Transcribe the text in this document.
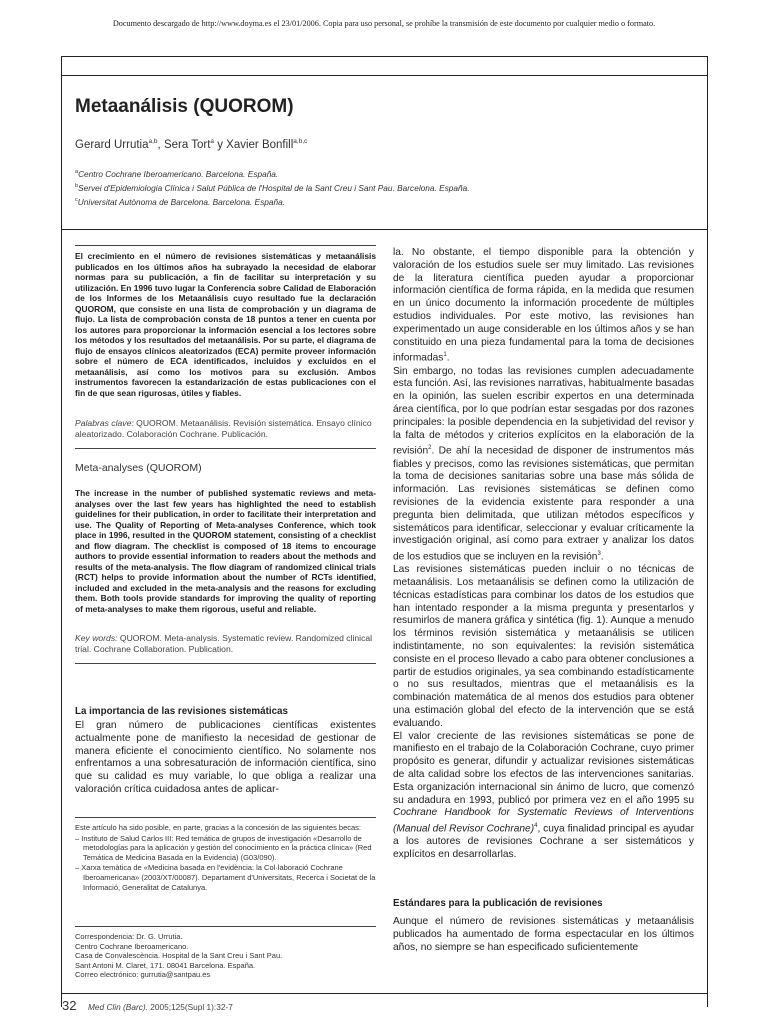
Documento descargado de http://www.doyma.es el 23/01/2006. Copia para uso personal, se prohíbe la transmisión de este documento por cualquier medio o formato.
Metaanálisis (QUOROM)
Gerard Urrutia$^{a,b}$, Sera Tort$^a$ y Xavier Bonfill$^{a,b,c}$
$^a$Centro Cochrane Iberoamericano. Barcelona. España.
$^b$Servei d'Epidemiologia Clínica i Salut Pública de l'Hospital de la Sant Creu i Sant Pau. Barcelona. España.
$^c$Universitat Autònoma de Barcelona. Barcelona. España.

El crecimiento en el número de revisiones sistemáticas y metaanálisis publicados en los últimos años ha subrayado la necesidad de elaborar normas para su publicación, a fin de facilitar su interpretación y su utilización. En 1996 tuvo lugar la Conferencia sobre Calidad de Elaboración de los Informes de los Metaanálisis cuyo resultado fue la declaración QUOROM, que consiste en una lista de comprobación y un diagrama de flujo. La lista de comprobación consta de 18 puntos a tener en cuenta por los autores para proporcionar la información esencial a los lectores sobre los métodos y los resultados del metaanálisis. Por su parte, el diagrama de flujo de ensayos clínicos aleatorizados (ECA) permite proveer información sobre el número de ECA identificados, incluidos y excluidos en el metaanálisis, así como los motivos para su exclusión. Ambos instrumentos favorecen la estandarización de estas publicaciones con el fin de que sean rigurosas, útiles y fiables.

Palabras clave: QUOROM. Metaanálisis. Revisión sistemática. Ensayo clínico aleatorizado. Colaboración Cochrane. Publicación.

Meta-analyses (QUOROM)

The increase in the number of published systematic reviews and meta-analyses over the last few years has highlighted the need to establish guidelines for their publication, in order to facilitate their interpretation and use. The Quality of Reporting of Meta-analyses Conference, which took place in 1996, resulted in the QUOROM statement, consisting of a checklist and flow diagram. The checklist is composed of 18 items to encourage authors to provide essential information to readers about the methods and results of the meta-analysis. The flow diagram of randomized clinical trials (RCT) helps to provide information about the number of RCTs identified, included and excluded in the meta-analysis and the reasons for excluding them. Both tools provide standards for improving the quality of reporting of meta-analyses to make them rigorous, useful and reliable.

Key words: QUOROM. Meta-analysis. Systematic review. Randomized clinical trial. Cochrane Collaboration. Publication.

La importancia de las revisiones sistemáticas

El gran número de publicaciones científicas existentes actualmente pone de manifiesto la necesidad de gestionar de manera eficiente el conocimiento científico. No solamente nos enfrentamos a una sobresaturación de información científica, sino que su calidad es muy variable, lo que obliga a realizar una valoración crítica cuidadosa antes de aplicar-

Este artículo ha sido posible, en parte, gracias a la concesión de las siguientes becas:

– Instituto de Salud Carlos III: Red temática de grupos de investigación «Desarrollo de metodologías para la aplicación y gestión del conocimiento en la práctica clínica» (Red Temática de Medicina Basada en la Evidencia) (G03/090).

– Xarxa temàtica de «Medicina basada en l'evidència: la Col·laboració Cochrane Iberoamericana» (2003/XT/00087). Departament d'Universitats, Recerca i Societat de la Informació, Generalitat de Catalunya.

Correspondencia: Dr. G. Urrutia.

Centro Cochrane Iberoamericano.

Casa de Convalescència. Hospital de la Sant Creu i Sant Pau.

Sant Antoni M. Claret, 171. 08041 Barcelona. España.

Correo electrónico: gurrutia@santpau.es

la. No obstante, el tiempo disponible para la obtención y valoración de los estudios suele ser muy limitado. Las revisiones de la literatura científica pueden ayudar a proporcionar información científica de forma rápida, en la medida que resumen en un único documento la información procedente de múltiples estudios individuales. Por este motivo, las revisiones han experimentado un auge considerable en los últimos años y se han constituido en una pieza fundamental para la toma de decisiones informadas$^1$.

Sin embargo, no todas las revisiones cumplen adecuadamente esta función. Así, las revisiones narrativas, habitualmente basadas en la opinión, las suelen escribir expertos en una determinada área científica, por lo que podrían estar sesgadas por dos razones principales: la posible dependencia en la subjetividad del revisor y la falta de métodos y criterios explícitos en la elaboración de la revisión$^2$. De ahí la necesidad de disponer de instrumentos más fiables y precisos, como las revisiones sistemáticas, que permitan la toma de decisiones sanitarias sobre una base más sólida de información. Las revisiones sistemáticas se definen como revisiones de la evidencia existente para responder a una pregunta bien delimitada, que utilizan métodos específicos y sistemáticos para identificar, seleccionar y evaluar críticamente la investigación original, así como para extraer y analizar los datos de los estudios que se incluyen en la revisión$^3$.

Las revisiones sistemáticas pueden incluir o no técnicas de metaanálisis. Los metaanálisis se definen como la utilización de técnicas estadísticas para combinar los datos de los estudios que han intentado responder a la misma pregunta y presentarlos y resumirlos de manera gráfica y sintética (fig. 1). Aunque a menudo los términos revisión sistemática y metaanálisis se utilicen indistintamente, no son equivalentes: la revisión sistemática consiste en el proceso llevado a cabo para obtener conclusiones a partir de estudios originales, ya sea combinando estadísticamente o no sus resultados, mientras que el metaanálisis es la combinación matemática de al menos dos estudios para obtener una estimación global del efecto de la intervención que se está evaluando.

El valor creciente de las revisiones sistemáticas se pone de manifiesto en el trabajo de la Colaboración Cochrane, cuyo primer propósito es generar, difundir y actualizar revisiones sistemáticas de alta calidad sobre los efectos de las intervenciones sanitarias. Esta organización internacional sin ánimo de lucro, que comenzó su andadura en 1993, publicó por primera vez en el año 1995 su Cochrane Handbook for Systematic Reviews of Interventions (Manual del Revisor Cochrane)$^4$, cuya finalidad principal es ayudar a los autores de revisiones Cochrane a ser sistemáticos y explícitos en desarrollarlas.

Estándares para la publicación de revisiones

Aunque el número de revisiones sistemáticas y metaanálisis publicados ha aumentado de forma espectacular en los últimos años, no siempre se han especificado suficientemente

32 Med Clin (Barc). 2005;125(Supl 1):32-7
